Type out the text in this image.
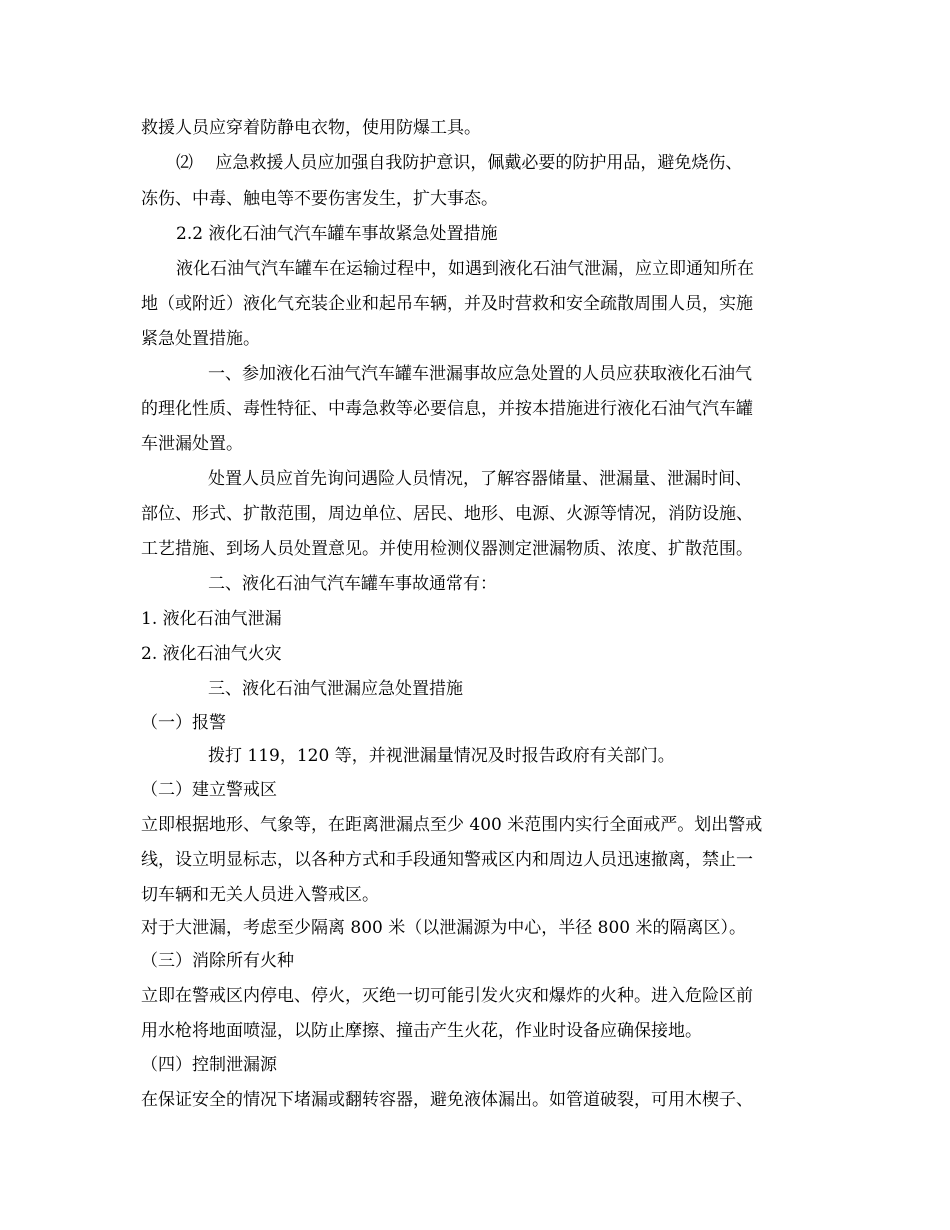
救援人员应穿着防静电衣物，使用防爆工具。

⑵　 应急救援人员应加强自我防护意识，佩戴必要的防护用品，避免烧伤、

冻伤、中毒、触电等不要伤害发生，扩大事态。

2.2 液化石油气汽车罐车事故紧急处置措施

液化石油气汽车罐车在运输过程中，如遇到液化石油气泄漏，应立即通知所在

地（或附近）液化气充装企业和起吊车辆，并及时营救和安全疏散周围人员，实施

紧急处置措施。

一、参加液化石油气汽车罐车泄漏事故应急处置的人员应获取液化石油气

的理化性质、毒性特征、中毒急救等必要信息，并按本措施进行液化石油气汽车罐

车泄漏处置。

处置人员应首先询问遇险人员情况，了解容器储量、泄漏量、泄漏时间、

部位、形式、扩散范围，周边单位、居民、地形、电源、火源等情况，消防设施、

工艺措施、到场人员处置意见。并使用检测仪器测定泄漏物质、浓度、扩散范围。

二、液化石油气汽车罐车事故通常有：

1. 液化石油气泄漏

2. 液化石油气火灾

三、液化石油气泄漏应急处置措施

（一）报警

拨打 119，120 等，并视泄漏量情况及时报告政府有关部门。

（二）建立警戒区

立即根据地形、气象等，在距离泄漏点至少 400 米范围内实行全面戒严。划出警戒

线，设立明显标志，以各种方式和手段通知警戒区内和周边人员迅速撤离，禁止一

切车辆和无关人员进入警戒区。

对于大泄漏，考虑至少隔离 800 米（以泄漏源为中心，半径 800 米的隔离区）。

（三）消除所有火种

立即在警戒区内停电、停火，灭绝一切可能引发火灾和爆炸的火种。进入危险区前

用水枪将地面喷湿，以防止摩擦、撞击产生火花，作业时设备应确保接地。

（四）控制泄漏源

在保证安全的情况下堵漏或翻转容器，避免液体漏出。如管道破裂，可用木楔子、
